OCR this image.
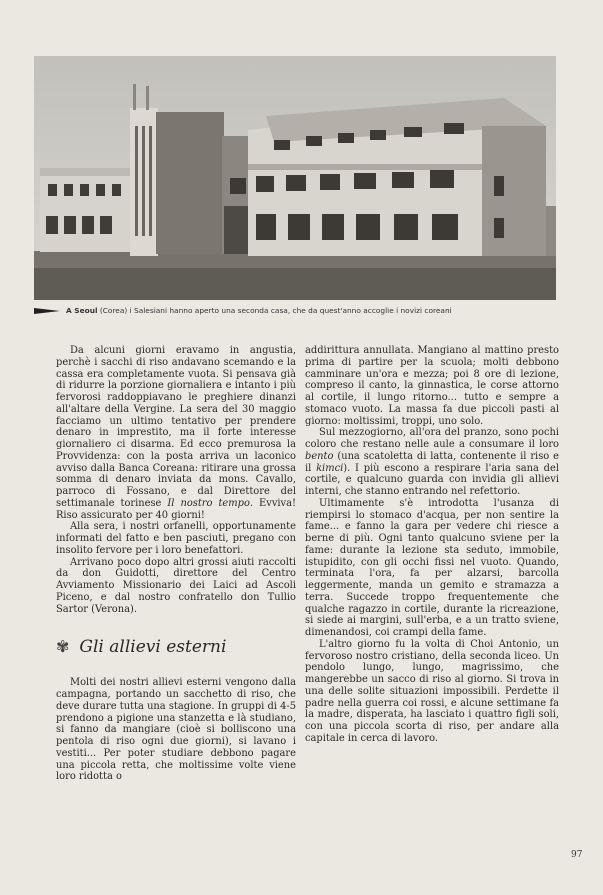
A Seoul (Corea) i Salesiani hanno aperto una seconda casa, che da quest'anno accoglie i novizi coreani

Da alcuni giorni eravamo in angustia, perchè i sacchi di riso andavano scemando e la cassa era completamente vuota. Si pensava già di ridurre la porzione giornaliera e intanto i più fervorosi raddoppiavano le preghiere dinanzi all'altare della Vergine. La sera del 30 maggio facciamo un ultimo tentativo per prendere denaro in imprestito, ma il forte interesse giornaliero ci disarma. Ed ecco premurosa la Provvidenza: con la posta arriva un laconico avviso dalla Banca Coreana: ritirare una grossa somma di denaro inviata da mons. Cavallo, parroco di Fossano, e dal Direttore del settimanale torinese Il nostro tempo. Evviva! Riso assicurato per 40 giorni!

Alla sera, i nostri orfanelli, opportunamente informati del fatto e ben pasciuti, pregano con insolito fervore per i loro benefattori.

Arrivano poco dopo altri grossi aiuti raccolti da don Guidotti, direttore del Centro Avviamento Missionario dei Laici ad Ascoli Piceno, e dal nostro confratello don Tullio Sartor (Verona).

✾ Gli allievi esterni

Molti dei nostri allievi esterni vengono dalla campagna, portando un sacchetto di riso, che deve durare tutta una stagione. In gruppi di 4-5 prendono a pigione una stanzetta e là studiano, si fanno da mangiare (cioè si bolliscono una pentola di riso ogni due giorni), si lavano i vestiti... Per poter studiare debbono pagare una piccola retta, che moltissime volte viene loro ridotta o

addirittura annullata. Mangiano al mattino presto prima di partire per la scuola; molti debbono camminare un'ora e mezza; poi 8 ore di lezione, compreso il canto, la ginnastica, le corse attorno al cortile, il lungo ritorno... tutto e sempre a stomaco vuoto. La massa fa due piccoli pasti al giorno: moltissimi, troppi, uno solo.

Sul mezzogiorno, all'ora del pranzo, sono pochi coloro che restano nelle aule a consumare il loro bento (una scatoletta di latta, contenente il riso e il kimci). I più escono a respirare l'aria sana del cortile, e qualcuno guarda con invidia gli allievi interni, che stanno entrando nel refettorio.

Ultimamente s'è introdotta l'usanza di riempirsi lo stomaco d'acqua, per non sentire la fame... e fanno la gara per vedere chi riesce a berne di più. Ogni tanto qualcuno sviene per la fame: durante la lezione sta seduto, immobile, istupidito, con gli occhi fissi nel vuoto. Quando, terminata l'ora, fa per alzarsi, barcolla leggermente, manda un gemito e stramazza a terra. Succede troppo frequentemente che qualche ragazzo in cortile, durante la ricreazione, si siede ai margini, sull'erba, e a un tratto sviene, dimenandosi, coi crampi della fame.

L'altro giorno fu la volta di Choi Antonio, un fervoroso nostro cristiano, della seconda liceo. Un pendolo lungo, lungo, magrissimo, che mangerebbe un sacco di riso al giorno. Si trova in una delle solite situazioni impossibili. Perdette il padre nella guerra coi rossi, e alcune settimane fa la madre, disperata, ha lasciato i quattro figli soli, con una piccola scorta di riso, per andare alla capitale in cerca di lavoro.

97
